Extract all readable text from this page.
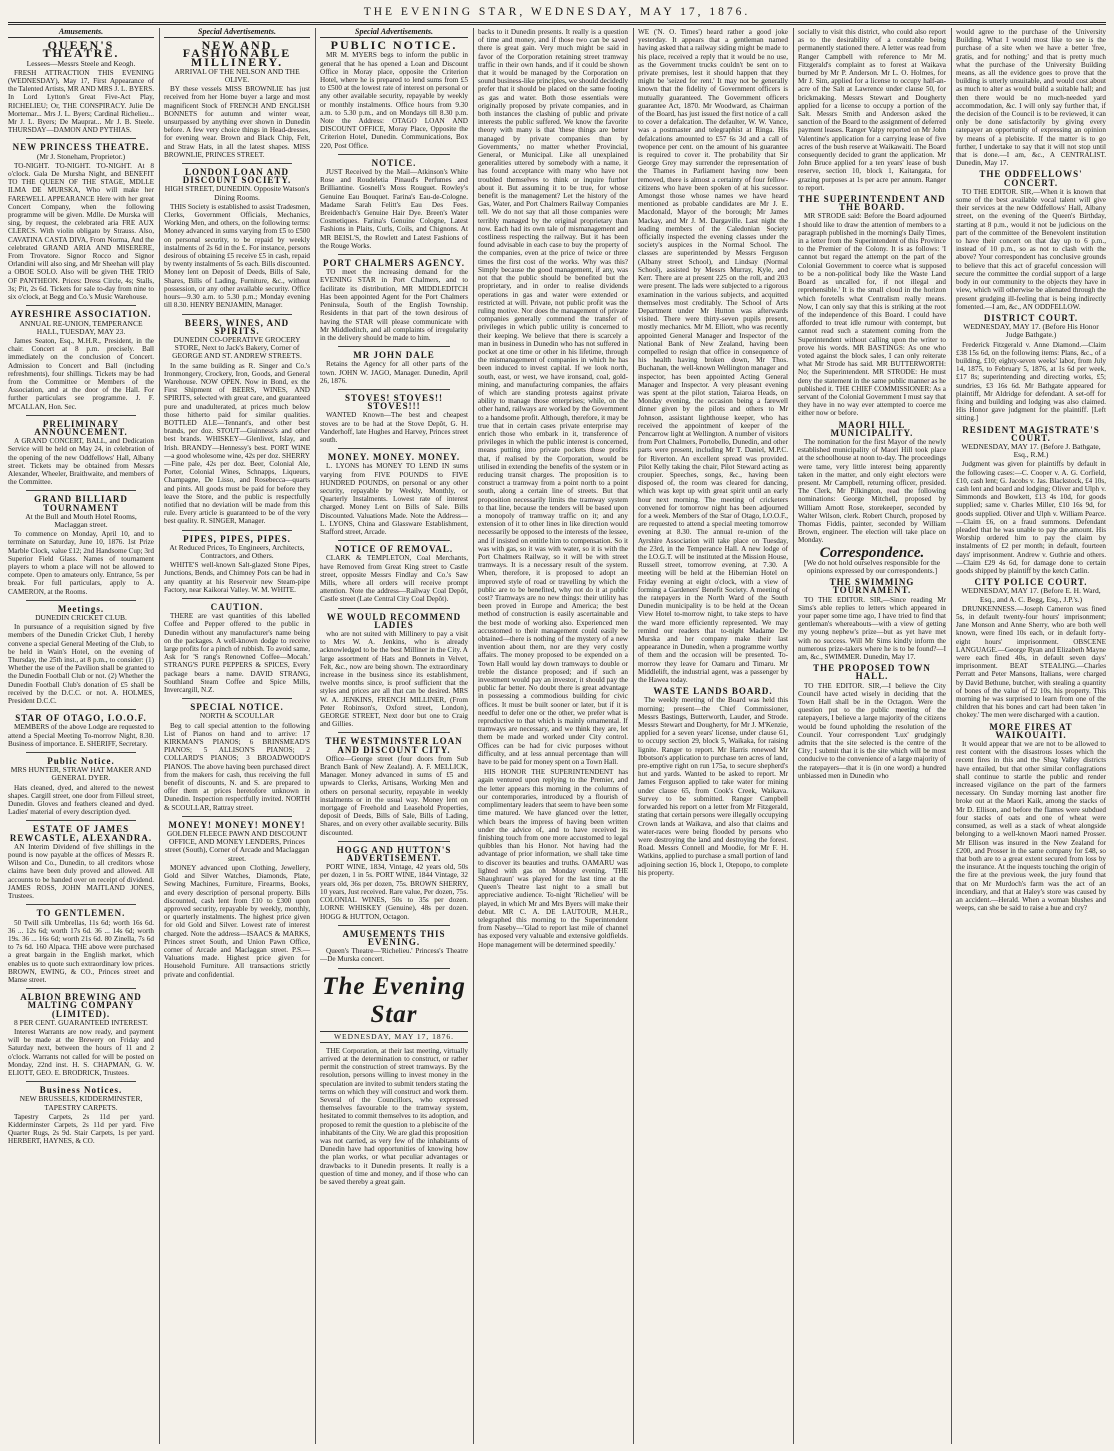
THE EVENING STAR, WEDNESDAY, MAY 17, 1876.
Amusements.
QUEEN'S THEATRE.
Lessees—Messrs Steele and Keogh.

FRESH ATTRACTION THIS EVENING (WEDNESDAY), May 17, First Appearance of the Talented Artists, MR AND MRS J. L. BYERS. In Lord Lytton's Great Five-Act Play, RICHELIEU; Or, THE CONSPIRACY. Julie De Mortemar... Mrs J. L. Byers; Cardinal Richelieu... Mr J. L. Byers; De Mauprat... Mr J. B. Steele. THURSDAY—DAMON AND PYTHIAS.

NEW PRINCESS THEATRE.
(Mr J. Stoneham, Proprietor.)

TO-NIGHT. TO-NIGHT. TO-NIGHT. At 8 o'clock. Gala De Mursha Night, and BENEFIT TO THE QUEEN OF THE STAGE, MDLLE ILMA DE MURSKA, Who will make her FAREWELL APPEARANCE Here with her great Concert Company, when the following programme will be given. Mdlle. De Murska will sing, by request, the celebrated aria FRE AUX CLERCS. With violin obligato by Strauss. Also, CAVATINA CASTA DIVA, From Norma, And the celebrated GRAND ARIA AND MISERERE, From Trovatore. Signor Rocco and Signor Orlandini will also sing, and Mr Sheehan will play a OBOE SOLO. Also will be given THE TRIO OF PANTHEON. Prices: Dress Circle, 4s; Stalls, 3s; Pit, 2s 6d. Tickets for sale to-day from nine to six o'clock, at Begg and Co.'s Music Warehouse.

AYRESHIRE ASSOCIATION.
ANNUAL RE-UNION, TEMPERANCE HALL, TUESDAY, MAY 23.

James Seaton, Esq., M.H.R., President, in the chair. Concert at 8 p.m. precisely. Ball immediately on the conclusion of Concert. Admission to Concert and Ball (including refreshments), four shillings. Tickets may be had from the Committee or Members of the Association, and at the door of the Hall. For further particulars see programme. J. F. M'CALLAN, Hon. Sec.

PRELIMINARY ANNOUNCEMENT.

A GRAND CONCERT, BALL, and Dedication Service will be held on May 24, in celebration of the opening of the new Oddfellows' Hall, Albany street. Tickets may be obtained from Messrs Alexander, Wheeler, Braithwaite, and members of the Committee.

GRAND BILLIARD TOURNAMENT
At the Bull and Mouth Hotel Rooms, Maclaggan street.

To commence on Monday, April 10, and to terminate on Saturday, June 10, 1876. 1st Prize Marble Clock, value £12; 2nd Handsome Cup; 3rd Superior Field Glass. Names of tournament players to whom a place will not be allowed to compete. Open to amateurs only. Entrance, 5s per break. For full particulars, apply to A. CAMERON, at the Rooms.

Meetings.
DUNEDIN CRICKET CLUB.

In pursuance of a requisition signed by five members of the Dunedin Cricket Club, I hereby convene a special General Meeting of the Club, to be held in Wain's Hotel, on the evening of Thursday, the 25th inst., at 8 p.m., to consider: (1) Whether the use of the Pavilion shall be granted to the Dunedin Football Club or not. (2) Whether the Dunedin Football Club's donation of £5 shall be received by the D.C.C. or not. A. HOLMES, President D.C.C.

STAR OF OTAGO, I.O.O.F.

MEMBERS of the above Lodge are requested to attend a Special Meeting To-morrow Night, 8.30. Business of importance. E. SHERIFF, Secretary.

Public Notice.
MRS HUNTER, STRAW HAT MAKER AND GENERAL DYER.

Hats cleaned, dyed, and altered to the newest shapes. Cargill street, one door from Filleul street, Dunedin. Gloves and feathers cleaned and dyed. Ladies' material of every description dyed.

ESTATE OF JAMES REWCASTLE, ALEXANDRA.

AN Interim Dividend of five shillings in the pound is now payable at the offices of Messrs R. Wilson and Co., Dunedin, to all creditors whose claims have been duly proved and allowed. All accounts to be handed over on receipt of dividend. JAMES ROSS, JOHN MAITLAND JONES, Trustees.

TO GENTLEMEN.

50 Twill silk Umbrellas, 11s 6d; worth 16s 6d. 36 ... 12s 6d; worth 17s 6d. 36 ... 14s 6d; worth 19s. 36 ... 16s 6d; worth 21s 6d. 80 Zinella, 7s 6d to 7s 6d. 160 Alpaca. THE above were purchased a great bargain in the English market, which enables us to quote such extraordinary low prices. BROWN, EWING, & CO., Princes street and Manse street.

ALBION BREWING AND MALTING COMPANY (LIMITED).
8 PER CENT. GUARANTEED INTEREST.

Interest Warrants are now ready, and payment will be made at the Brewery on Friday and Saturday next, between the hours of 11 and 2 o'clock. Warrants not called for will be posted on Monday, 22nd inst. H. S. CHAPMAN, G. W. ELIOTT, GEO. E. BRODRICK, Trustees.

Business Notices.
NEW BRUSSELS, KIDDERMINSTER, TAPESTRY CARPETS.

Tapestry Carpets, 2s 11d per yard. Kidderminster Carpets, 2s 11d per yard. Five Quarter Rugs, 2s 9d. Stair Carpets, 1s per yard. HERBERT, HAYNES, & CO.

Special Advertisements.
NEW AND FASHIONABLE MILLINERY.
ARRIVAL OF THE NELSON AND THE OLIVE.

BY these vessels MISS BROWNLIE has just received from her Home buyer a large and most magnificent Stock of FRENCH AND ENGLISH BONNETS for autumn and winter wear, unsurpassed by anything ever shown in Dunedin before. A few very choice things in Head-dresses, for evening wear. Brown and Black Chip, Felt, and Straw Hats, in all the latest shapes. MISS BROWNLIE, PRINCES STREET.

LONDON LOAN AND DISCOUNT SOCIETY.
HIGH STREET, DUNEDIN. Opposite Watson's Dining Rooms.

THIS Society is established to assist Tradesmen, Clerks, Government Officials, Mechanics, Working Men, and others, on the following terms: Money advanced in sums varying from £5 to £500 on personal security, to be repaid by weekly instalments of 2s 6d in the £. For instance, persons desirous of obtaining £5 receive £5 in cash, repaid by twenty instalments of 5s each. Bills discounted. Money lent on Deposit of Deeds, Bills of Sale, Shares, Bills of Lading, Furniture, &c., without possession, or any other available security. Office hours—9.30 a.m. to 5.30 p.m.; Monday evening till 8.30. HENRY BENJAMIN, Manager.

BEERS, WINES, AND SPIRITS.
DUNEDIN CO-OPERATIVE GROCERY STORE, Next to Jack's Bakery, Corner of GEORGE AND ST. ANDREW STREETS.

In the same building as R. Singer and Co.'s Ironmongery, Crockery, Iron, Goods, and General Warehouse. NOW OPEN. Now in Bond, ex the First Shipment of BEERS, WINES, AND SPIRITS, selected with great care, and guaranteed pure and unadulterated, at prices much below those hitherto paid for similar qualities. BOTTLED ALE—Tennant's, and other best brands, per doz. STOUT—Guinness's and other best brands. WHISKEY—Glenlivet, Islay, and Irish. BRANDY—Hennessy's best. PORT WINE—a good wholesome wine, 42s per doz. SHERRY—Fine pale, 42s per doz. Beer, Colonial Ale, Porter, Colonial Wines, Schnapps, Liqueurs, Champagne, De Lisso, and Rosebecca—quarts and pints. All goods must be paid for before they leave the Store, and the public is respectfully notified that no deviation will be made from this rule. Every article is guaranteed to be of the very best quality. R. SINGER, Manager.

PIPES, PIPES, PIPES.
At Reduced Prices, To Engineers, Architects, Contractors, and Others.

WHITE'S well-known Salt-glazed Stone Pipes, Junctions, Bends, and Chimney Pots can be had in any quantity at his Reservoir new Steam-pipe Factory, near Kaikorai Valley. W. M. WHITE.

CAUTION.

THERE are vast quantities of this labelled Coffee and Pepper offered to the public in Dunedin without any manufacturer's name being on the packages. A well-known dodge to receive large profits for a pinch of rubbish. To avoid same, Ask for 'S rang's Renowned Coffee—Mocah.' STRANG'S PURE PEPPERS & SPICES, Every package bears a name. DAVID STRANG, Southland Steam Coffee and Spice Mills, Invercargill, N.Z.

SPECIAL NOTICE.
NORTH & SCOULLAR

Beg to call special attention to the following List of Pianos on hand and to arrive: 17 KIRKMAN'S PIANOS; 6 BRINSMEAD'S PIANOS; 5 ALLISON'S PIANOS; 2 COLLARD'S PIANOS; 3 BROADWOOD'S PIANOS. The above having been purchased direct from the makers for cash, thus receiving the full benefit of discounts, N. and S. are prepared to offer them at prices heretofore unknown in Dunedin. Inspection respectfully invited. NORTH & SCOULLAR, Rattray street.

MONEY! MONEY! MONEY!
GOLDEN FLEECE PAWN AND DISCOUNT OFFICE, AND MONEY LENDERS, Princes street (South), Corner of Arcade and Maclaggan street.

MONEY advanced upon Clothing, Jewellery, Gold and Silver Watches, Diamonds, Plate, Sewing Machines, Furniture, Firearms, Books, and every description of personal property. Bills discounted, cash lent from £10 to £300 upon approved security, repayable by weekly, monthly, or quarterly instalments. The highest price given for old Gold and Silver. Lowest rate of interest charged. Note the address—ISAACS & MARKS, Princes street South, and Union Pawn Office, corner of Arcade and Maclaggan street. P.S.—Valuations made. Highest price given for Household Furniture. All transactions strictly private and confidential.

Special Advertisements.
PUBLIC NOTICE.

MR M. MYERS begs to inform the public in general that he has opened a Loan and Discount Office in Moray place, opposite the Criterion Hotel, where he is prepared to lend sums from £5 to £500 at the lowest rate of interest on personal or any other available security, repayable by weekly or monthly instalments. Office hours from 9.30 a.m. to 5.30 p.m., and on Mondays till 8.30 p.m. Note the Address: OTAGO LOAN AND DISCOUNT OFFICE, Moray Place, Opposite the Criterion Hotel, Dunedin. Communications, Box 220, Post Office.

NOTICE.

JUST Received by the Mail—Atkinson's White Rose and Roudeletia Pinaud's Perfumes and Brilliantine. Gosnell's Moss Rouguet. Rowley's Genuine Eau Bouquet. Farina's Eau-de-Cologne. Madame Sarah Felitt's Eau Des Fees. Breidenbach's Genuine Hair Dye. Breen's Water Cosmetiques. Farina's Genuine Cologne, Latest Fashions in Plaits, Curls, Coils, and Chignons. At MR BEISL'S, the Rowlett and Latest Fashions of the Rouge Works.

PORT CHALMERS AGENCY.

TO meet the increasing demand for the EVENING STAR in Port Chalmers, and to facilitate its distribution, MR MIDDLEDITCH Has been appointed Agent for the Port Chalmers Peninsula, South of the English Township. Residents in that part of the town desirous of having the STAR will please communicate with Mr Middleditch, and all complaints of irregularity in the delivery should be made to him.

MR JOHN DALE

Retains the Agency for all other parts of the town. JOHN W. JAGO, Manager. Dunedin, April 26, 1876.

STOVES! STOVES!! STOVES!!!

WANTED Known—The best and cheapest stoves are to be had at the Stove Depôt, G. H. Vanderhoff, late Hughes and Harvey, Princes street south.

MONEY. MONEY. MONEY.

L. LYONS has MONEY TO LEND IN sums varying from FIVE POUNDS to FIVE HUNDRED POUNDS, on personal or any other security, repayable by Weekly, Monthly, or Quarterly Instalments. Lowest rate of interest charged. Money Lent on Bills of Sale. Bills Discounted. Valuations Made. Note the Address—L. LYONS, China and Glassware Establishment, Stafford street, Arcade.

NOTICE OF REMOVAL.

CLARK & TEMPLETON, Coal Merchants, have Removed from Great King street to Castle street, opposite Messrs Findlay and Co.'s Saw Mills, where all orders will receive prompt attention. Note the address—Railway Coal Depôt, Castle street (Late Central City Coal Depôt).

WE WOULD RECOMMEND LADIES

who are not suited with Millinery to pay a visit to Mrs W. A. Jenkins, who is already acknowledged to be the best Milliner in the City. A large assortment of Hats and Bonnets in Velvet, Felt, &c., now are being shown. The extraordinary increase in the business since its establishment, twelve months since, is proof sufficient that the styles and prices are all that can be desired. MRS W. A. JENKINS, FRENCH MILLINER, (From Peter Robinson's, Oxford street, London), GEORGE STREET, Next door but one to Craig and Gillies.

THE WESTMINSTER LOAN AND DISCOUNT CITY.

Office—George street (four doors from Sub Branch Bank of New Zealand). A. F. MELLICK, Manager. Money advanced in sums of £5 and upwards to Clerks, Artisans, Working Men and others on personal security, repayable in weekly instalments or in the usual way. Money lent on mortgage of Freehold and Leasehold Properties, deposit of Deeds, Bills of Sale, Bills of Lading, Shares, and on every other available security. Bills discounted.

HOGG AND HUTTON'S ADVERTISEMENT.

PORT WINE, 1834, Vintage, 42 years old, 50s per dozen, 1 in 5s. PORT WINE, 1844 Vintage, 32 years old, 36s per dozen, 75s. BROWN SHERRY, 10 years, Just received. Rare value, Per dozen, 75s. COLONIAL WINES, 50s to 35s per dozen. LORNE WHISKEY (Genuine), 48s per dozen. HOGG & HUTTON, Octagon.

AMUSEMENTS THIS EVENING.

Queen's Theatre—'Richelieu.' Princess's Theatre—De Murska concert.

The Evening Star
WEDNESDAY, MAY 17, 1876.

THE Corporation, at their last meeting, virtually arrived at the determination to construct, or rather permit the construction of street tramways. By the resolution, persons willing to invest money in the speculation are invited to submit tenders stating the terms on which they will construct and work them. Several of the Councillors, who expressed themselves favourable to the tramway system, hesitated to commit themselves to its adoption, and proposed to remit the question to a plebiscite of the inhabitants of the City. We are glad this proposition was not carried, as very few of the inhabitants of Dunedin have had opportunities of knowing how the plan works, or what peculiar advantages or drawbacks to it Dunedin presents. It really is a question of time and money, and if those who can be saved thereby a great gain.

backs to it Dunedin presents. It really is a question of time and money, and if those two can be saved there is great gain. Very much might be said in favor of the Corporation retaining street tramway traffic in their own hands, and if it could be shown that it would be managed by the Corporation on sound business-like principles, we should decidedly prefer that it should be placed on the same footing as gas and water. Both those essentials were originally proposed by private companies, and in both instances the clashing of public and private interests the public suffered. We know the favorite theory with many is that 'these things are better managed by private companies than by Governments,' no matter whether Provincial, General, or Municipal. Like all unexplained generalities uttered by somebody with a name, it has found acceptance with many who have not troubled themselves to think or inquire further about it. But assuming it to be true, for whose benefit is the management? Let the history of the Gas, Water, and Port Chalmers Railway Companies tell. We do not say that all those companies were terribly managed by the original proprietary than now. Each had its own tale of mismanagement and costliness respecting the railway. But it has been found advisable in each case to buy the property of the companies, even at the price of twice or three times the first cost of the works. Why was this? Simply because the good management, if any, was not that the public should be benefited but the proprietary, and in order to realise dividends operations in gas and water were extended or restricted at will. Private, not public profit was the ruling motive. Nor does the management of private companies generally commend the transfer of privileges in which public utility is concerned to their keeping. We believe that there is scarcely a man in business in Dunedin who has not suffered in pocket at one time or other in his lifetime, through the mismanagement of companies in which he has been induced to invest capital. If we look north, south, east, or west, we have ironsand, coal, gold-mining, and manufacturing companies, the affairs of which are standing protests against private ability to manage those enterprises; while, on the other hand, railways are worked by the Government to a handsome profit. Although, therefore, it may be true that in certain cases private enterprise may enrich those who embark in it, transference of privileges in which the public interest is concerned, means putting into private pockets those profits that, if realised by the Corporation, would be utilised in extending the benefits of the system or in reducing transit charges. The proposition is to construct a tramway from a point north to a point south, along a certain line of streets. But that proposition necessarily limits the tramway system to that line, because the tenders will be based upon a monopoly of tramway traffic on it; and any extension of it to other lines in like direction would necessarily be opposed to the interests of the lessee, and if insisted on entitle him to compensation. So it was with gas, so it was with water, so it is with the Port Chalmers Railway, so it will be with street tramways. It is a necessary result of the system. When, therefore, it is proposed to adopt an improved style of road or travelling by which the public are to be benefited, why not do it at public cost? Tramways are no new things: their utility has been proved in Europe and America; the best method of construction is easily ascertainable and the best mode of working also. Experienced men accustomed to their management could easily be obtained—there is nothing of the mystery of a new invention about them, nor are they very costly affairs. The money proposed to be expended on a Town Hall would lay down tramways to double or treble the distance proposed; and if such an investment would pay an investor, it should pay the public far better. No doubt there is great advantage in possessing a commodious building for civic offices. It must be built sooner or later, but if it is needful to defer one or the other, we prefer what is reproductive to that which is mainly ornamental. If tramways are necessary, and we think they are, let them be made and worked under City control. Offices can be had for civic purposes without difficulty, and at less annual percentage than will have to be paid for money spent on a Town Hall.

HIS HONOR THE SUPERINTENDENT has again ventured upon replying to the Premier, and the letter appears this morning in the columns of our contemporaries, introduced by a flourish of complimentary leaders that seem to have been some time matured. We have glanced over the letter, which bears the impress of having been written under the advice of, and to have received its finishing touch from one more accustomed to legal quibbles than his Honor. Not having had the advantage of prior information, we shall take time to discover its beauties and truths. OAMARU was lighted with gas on Monday evening. 'THE Shaughraun' was played for the last time at the Queen's Theatre last night to a small but appreciative audience. To-night 'Richelieu' will be played, in which Mr and Mrs Byers will make their debut. MR C. A. DE LAUTOUR, M.H.R., telegraphed this morning to the Superintendent from Naseby—'Glad to report last mile of channel has exposed very valuable and extensive goldfields. Hope management will be determined speedily.'

WE ('N. O. Times') heard rather a good joke yesterday. It appears that a gentleman named having asked that a railway siding might be made to his place, received a reply that it would be no use, as the Government trucks couldn't be sent on to private premises, lest it should happen that they might be 'seized for rent.' It may not be generally known that the fidelity of Government officers is mutually guaranteed. The Government officers guarantee Act, 1870. Mr Woodward, as Chairman of the Board, has just issued the first notice of a call to cover a defalcation. The defaulter, W. W. Vance, was a postmaster and telegraphist at Ringa. His defalcations amounted to £57 6s 3d and a call of twopence per cent. on the amount of his guarantee is required to cover it. The probability that Sir George Grey may surrender the representation of the Thames in Parliament having now been removed, there is almost a certainty of four fellow-citizens who have been spoken of at his sucessor. Amongst those whose names we have heard mentioned as probable candidates are Mr J. E. Macdonald, Mayor of the borough; Mr James Mackay, and Mr J. M. Dargaville. Last night the leading members of the Caledonian Society officially inspected the evening classes under the society's auspices in the Normal School. The classes are superintended by Messrs Ferguson (Albany street School), and Lindsay (Normal School), assisted by Messrs Murray, Kyle, and Kerr. There are at present 225 on the roll, and 203 were present. The lads were subjected to a rigorous examination in the various subjects, and acquitted themselves most creditably. The School of Arts Department under Mr Hutton was afterwards visited. There were thirty-seven pupils present, mostly mechanics. Mr M. Elliott, who was recently appointed General Manager and Inspector of the National Bank of New Zealand, having been compelled to resign that office in consequence of his health having broken down, Mr Thos. Buchanan, the well-known Wellington manager and inspector, has been appointed Acting General Manager and Inspector. A very pleasant evening was spent at the pilot station, Taiaroa Heads, on Monday evening, the occasion being a farewell dinner given by the pilots and others to Mr Johnson, assistant lighthouse keeper, who has received the appointment of keeper of the Pencarrow light at Wellington. A number of visitors from Port Chalmers, Portobello, Dunedin, and other parts were present, including Mr T. Daniel, M.P.C. for Riverton. An excellent spread was provided. Pilot Kelly taking the chair, Pilot Steward acting as croupier. Speeches, songs, &c., having been disposed of, the room was cleared for dancing, which was kept up with great spirit until an early hour next morning. The meeting of cricketers convened for tomorrow night has been adjourned for a week. Members of the Star of Otago, I.O.O.F., are requested to attend a special meeting tomorrow evening at 8.30. The annual re-union of the Ayrshire Association will take place on Tuesday, the 23rd, in the Temperance Hall. A new lodge of the I.O.G.T. will be instituted at the Mission House, Russell street, tomorrow evening, at 7.30. A meeting will be held at the Hibernian Hotel on Friday evening at eight o'clock, with a view of forming a Gardeners' Benefit Society. A meeting of the ratepayers in the North Ward of the South Dunedin municipality is to be held at the Ocean View Hotel to-morrow night, to take steps to have the ward more efficiently represented. We may remind our readers that to-night Madame De Murska and her company make their last appearance in Dunedin, when a programme worthy of them and the occasion will be presented. To-morrow they leave for Oamaru and Timaru. Mr Middlelift, the industrial agent, was a passenger by the Hawea today.

WASTE LANDS BOARD.

The weekly meeting of the Board was held this morning; present—the Chief Commissioner, Messrs Bastings, Butterworth, Lauder, and Strode. Messrs Stewart and Dougherty, for Mr J. M'Kenzie, applied for a seven years' license, under clause 61, to occupy section 29, block 5, Waikaka, for raising lignite. Ranger to report. Mr Harris renewed Mr Ibbotson's application to purchase ten acres of land, pre-emptive right on run 175a, to secure shepherd's hut and yards. Wanted to be asked to report. Mr James Ferguson applied to take water for mining under clause 65, from Cook's Creek, Waikava. Survey to be submitted. Ranger Campbell forwarded his report on a letter from Mr Fitzgerald, stating that certain persons were illegally occupying Crown lands at Waikava, and also that claims and water-races were being flooded by persons who were destroying the land and destroying the forest. Road. Messrs Connell and Moodie, for Mr F. H. Watkins, applied to purchase a small portion of land adjoining section 16, block 1, Otepopo, to complete his property.

socially to visit this district, who could also report as to the desirability of a constable being permanently stationed there. A letter was read from Ranger Campbell with reference to Mr M. Fitzgerald's complaint as to forest at Waikava burned by Mr P. Anderson. Mr L. O. Holmes, for Mr J. Sim, applied for a license to occupy half-an-acre of the Salt at Lawrence under clause 50, for brickmaking. Messrs Stewart and Dougherty applied for a license to occupy a portion of the Salt. Messrs Smith and Anderson asked the sanction of the Board to the assignment of deferred payment leases. Ranger Valpy reported on Mr John Valentine's application for a carrying lease of five acres of the bush reserve at Waikawaiti. The Board consequently decided to grant the application. Mr John Bruce applied for a ten years' lease of bush reserve, section 10, block 1, Kaitangata, for grazing purposes at 1s per acre per annum. Ranger to report.

THE SUPERINTENDENT AND THE BOARD.

MR STRODE said: Before the Board adjourned I should like to draw the attention of members to a paragraph published in the morning's Daily Times, in a letter from the Superintendent of this Province to the Premier of the Colony. It is as follows: 'I cannot but regard the attempt on the part of the Colonial Government to coerce what is supposed to be a non-political body like the Waste Land Board as uncalled for, if not illegal and reprehensible.' It is the small cloud in the horizon which foretells what Centralism really means. Now, I can only say that this is striking at the root of the independence of this Board. I could have afforded to treat idle rumour with contempt, but cannot read such a statement coming from the Superintendent without calling upon the writer to prove his words. MR BASTINGS: As one who voted against the block sales, I can only reiterate what Mr Strode has said. MR BUTTERWORTH: No; the Superintendent. MR STRODE: He must deny the statement in the same public manner as he published it. THE CHIEF COMMISSIONER: As a servant of the Colonial Government I must say that they have in no way ever attempted to coerce me either now or before.

MAORI HILL MUNICIPALITY.

The nomination for the first Mayor of the newly established municipality of Maori Hill took place at the schoolhouse at noon to-day. The proceedings were tame, very little interest being apparently taken in the matter, and only eight electors were present. Mr Campbell, returning officer, presided. The Clerk, Mr Pilkington, read the following nominations: George Mitchell, proposed by William Arnott Rose, storekeeper, seconded by Walter Wilson, clerk. Robert Church, proposed by Thomas Fiddis, painter, seconded by William Brown, engineer. The election will take place on Monday.

Correspondence.
[We do not hold ourselves responsible for the opinions expressed by our correspondents.]
THE SWIMMING TOURNAMENT.

TO THE EDITOR. SIR,—Since reading Mr Sims's able replies to letters which appeared in your paper some time ago, I have tried to find that gentleman's whereabouts—with a view of getting my young nephew's prize—but as yet have met with no success. Will Mr Sims kindly inform the numerous prize-takers where he is to be found?—I am, &c., SWIMMER. Dunedin, May 17.

THE PROPOSED TOWN HALL.

TO THE EDITOR. SIR,—I believe the City Council have acted wisely in deciding that the Town Hall shall be in the Octagon. Were the question put to the public meeting of the ratepayers, I believe a large majority of the citizens would be found upholding the resolution of the Council. Your correspondent 'Lux' grudgingly admits that the site selected is the centre of the City; I submit that it is the site which will be most conducive to the convenience of a large majority of the ratepayers—that it is (in one word) a hundred unbiassed men in Dunedin who

would agree to the purchase of the University Building. What I would most like to see is the purchase of a site when we have a better 'free, gratis, and for nothing;' and that is pretty much what the purchase of the University Building means, as all the evidence goes to prove that the building is utterly unsuitable, and would cost about as much to alter as would build a suitable hall; and then there would be no much-needed yard accommodation, &c. I will only say further that, if the decision of the Council is to be reviewed, it can only be done satisfactorily by giving every ratepayer an opportunity of expressing an opinion by means of a plebiscite. If the matter is to go further, I undertake to say that it will not stop until that is done.—I am, &c., A CENTRALIST. Dunedin, May 17.

THE ODDFELLOWS' CONCERT.

TO THE EDITOR. SIR,—When it is known that some of the best available vocal talent will give their services at the new Oddfellows' Hall, Albany street, on the evening of the Queen's Birthday, starting at 8 p.m., would it not be judicious on the part of the committee of the Benevolent institution to have their concert on that day up to 6 p.m., instead of 10 p.m., so as not to clash with the above? Your correspondent has conclusive grounds to believe that this act of graceful concession will secure the committee the cordial support of a large body in our community to the objects they have in view, which will otherwise be alienated through the present grudging ill-feeling that is being indirectly fomented.—I am, &c., AN ODDFELLOW.

DISTRICT COURT.
WEDNESDAY, MAY 17. (Before His Honor Judge Bathgate.)

Frederick Fitzgerald v. Anne Diamond.—Claim £38 15s 6d, on the following items: Plans, &c., of a building, £10; eighty-seven weeks' labor, from July 14, 1875, to February 5, 1876, at 1s 6d per week, £17 8s; superintending and directing works, £5; sundries, £3 16s 6d. Mr Bathgate appeared for plaintiff, Mr Aldridge for defendant. A set-off for fixing and building and lodging was also claimed. His Honor gave judgment for the plaintiff. [Left sitting.]

RESIDENT MAGISTRATE'S COURT.
WEDNESDAY, MAY 17. (Before J. Bathgate, Esq., R.M.)

Judgment was given for plaintiffs by default in the following cases:—C. Cooper v. A. G. Corfield, £10, cash lent; G. Jacobs v. Jas. Blackstock, £4 10s, cash lent and board and lodging; Oliver and Ulph v. Simmonds and Bowkett, £13 4s 10d, for goods supplied; same v. Charles Miller, £10 16s 9d, for goods supplied. Oliver and Ulph v. William Pearce.—Claim £6, on a fraud summons. Defendant pleaded that he was unable to pay the amount. His Worship ordered him to pay the claim by instalments of £2 per month; in default, fourteen days' imprisonment. Andrew v. Guthrie and others.—Claim £29 4s 6d, for damage done to certain goods shipped by plaintiff by the ketch Catlin.

CITY POLICE COURT.
WEDNESDAY, MAY 17. (Before E. H. Ward, Esq., and A. C. Begg, Esq., J.P.'s.)

DRUNKENNESS.—Joseph Cameron was fined 5s, in default twenty-four hours' imprisonment; Jane Monson and Anne Sherry, who are both well known, were fined 10s each, or in default forty-eight hours' imprisonment. OBSCENE LANGUAGE.—George Ryan and Elizabeth Mayne were each fined 40s, in default seven days' imprisonment. BEAT STEALING.—Charles Perratt and Peter Mansons, Italians, were charged by David Bethune, butcher, with stealing a quantity of bones of the value of £2 10s, his property. This morning he was surprised to learn from one of the children that his bones and cart had been taken 'in chokey.' The men were discharged with a caution.

MORE FIRES AT WAIKOUAITI.

It would appear that we are not to be allowed to rest content with the disastrous losses which the recent fires in this and the Shag Valley districts have entailed, but that other similar conflagrations shall continue to startle the public and render increased vigilance on the part of the farmers necessary. On Sunday morning last another fire broke out at the Maori Kaik, among the stacks of Mr D. Ellison, and before the flames were subdued four stacks of oats and one of wheat were consumed, as well as a stack of wheat alongside belonging to a well-known Maori named Prosser. Mr Ellison was insured in the New Zealand for £200, and Prosser in the same company for £48, so that both are to a great extent secured from loss by the insurance. At the inquests touching the origin of the fire at the previous week, the jury found that that on Mr Murdoch's farm was the act of an incendiary, and that at Haley's store was caused by an accident.—Herald. When a woman blushes and weeps, can she be said to raise a hue and cry?
